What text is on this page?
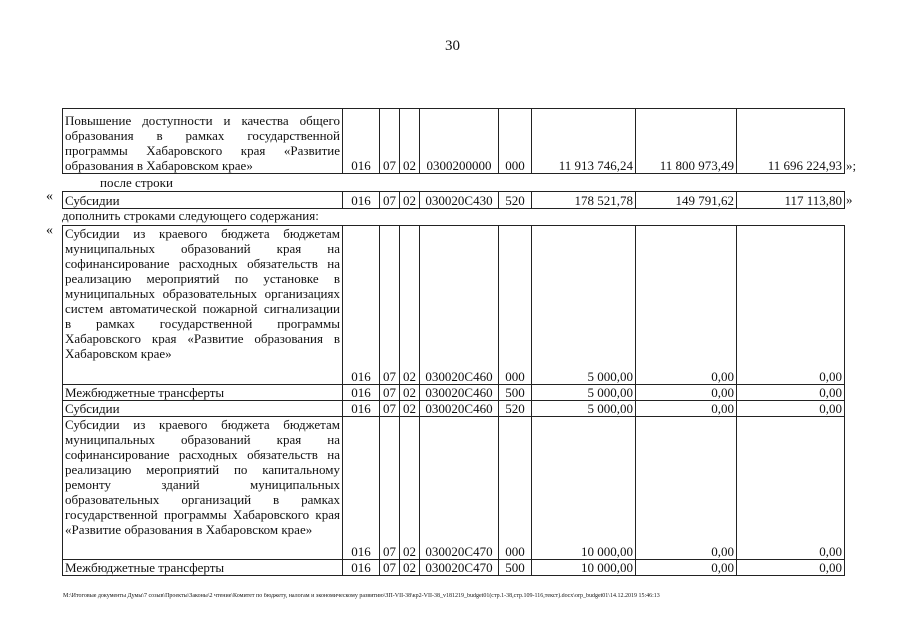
30
Повышение доступности и качества общего образования в рамках государственной программы Хабаровского края «Развитие образования в Хабаровском крае»	016	07	02	0300200000	000	11 913 746,24	11 800 973,49	11 696 224,93 »;
после строки
« Субсидии	016	07	02	030020С430	520	178 521,78	149 791,62	117 113,80 »
дополнить строками следующего содержания:
« Субсидии из краевого бюджета бюджетам муниципальных образований края на софинансирование расходных обязательств на реализацию мероприятий по установке в муниципальных образовательных организациях систем автоматической пожарной сигнализации в рамках государственной программы Хабаровского края «Развитие образования в Хабаровском крае»	016	07	02	030020С460	000	5 000,00	0,00	0,00
Межбюджетные трансферты	016	07	02	030020С460	500	5 000,00	0,00	0,00
Субсидии	016	07	02	030020С460	520	5 000,00	0,00	0,00
Субсидии из краевого бюджета бюджетам муниципальных образований края на софинансирование расходных обязательств на реализацию мероприятий по капитальному ремонту зданий муниципальных образовательных организаций в рамках государственной программы Хабаровского края «Развитие образования в Хабаровском крае»	016	07	02	030020С470	000	10 000,00	0,00	0,00
Межбюджетные трансферты	016	07	02	030020С470	500	10 000,00	0,00	0,00
М:\Итоговые документы Думы\7 созыв\Проекты\Законы\2 чтение\Комитет по бюджету, налогам и экономическому развитию\ЗП-VII-38\кр2-VII-38_v181219_budget01(стр.1-38,стр.109-116,текст).docx\orp_budget01\14.12.2019 15:46:13
